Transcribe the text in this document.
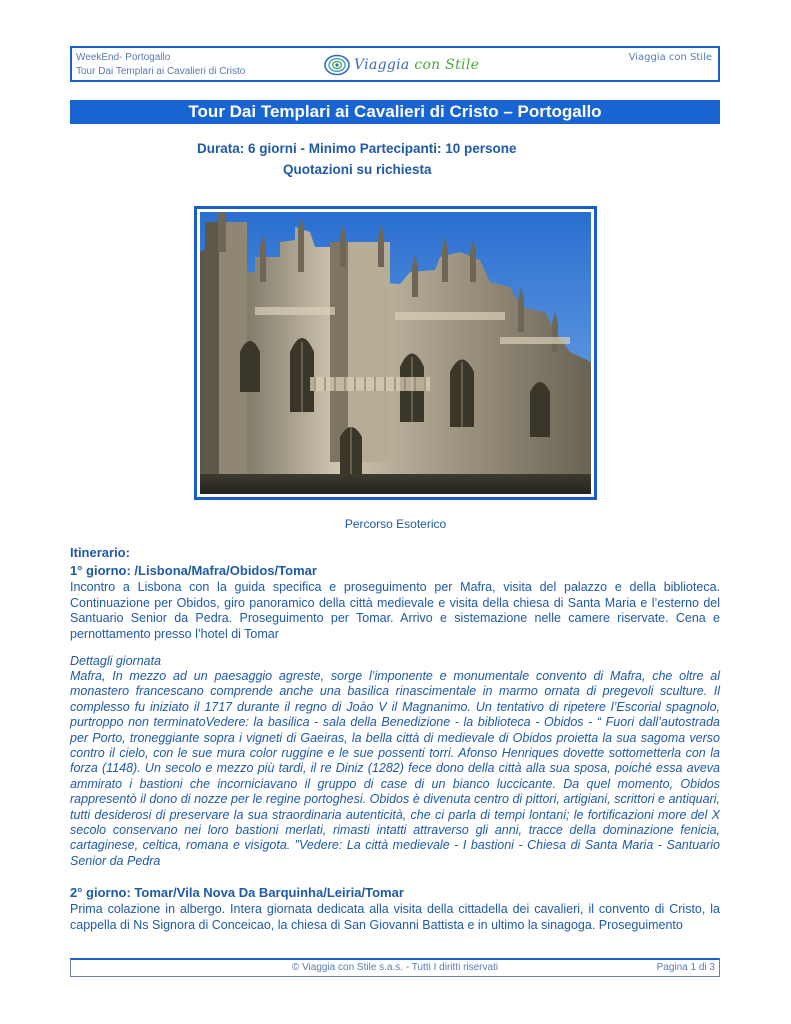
WeekEnd- Portogallo
Tour Dai Templari ai Cavalieri di Cristo	Viaggia con Stile	Viaggia con Stile
Tour Dai Templari ai Cavalieri di Cristo – Portogallo
Durata: 6 giorni - Minimo Partecipanti: 10 persone
Quotazioni su richiesta
Percorso Esoterico
Itinerario:
1° giorno: /Lisbona/Mafra/Obidos/Tomar
Incontro a Lisbona con la guida specifica e proseguimento per Mafra, visita del palazzo e della biblioteca. Continuazione per Obidos, giro panoramico della città medievale e visita della chiesa di Santa Maria e l’esterno del Santuario Senior da Pedra. Proseguimento per Tomar. Arrivo e sistemazione nelle camere riservate. Cena e pernottamento presso l’hotel di Tomar
Dettagli giornata
Mafra, In mezzo ad un paesaggio agreste, sorge l’imponente e monumentale convento di Mafra, che oltre al monastero francescano comprende anche una basilica rinascimentale in marmo ornata di pregevoli sculture. Il complesso fu iniziato il 1717 durante il regno di Joào V il Magnanimo. Un tentativo di ripetere l’Escorial spagnolo, purtroppo non terminatoVedere: la basilica - sala della Benedizione - la biblioteca - Obidos - “ Fuori dall’autostrada per Porto, troneggiante sopra i vigneti di Gaeiras, la bella città di medievale di Obidos proietta la sua sagoma verso contro il cielo, con le sue mura color ruggine e le sue possenti torri. Afonso Henriques dovette sottometterla con la forza (1148). Un secolo e mezzo più tardi, il re Diniz (1282) fece dono della città alla sua sposa, poiché essa aveva ammirato i bastioni che incorniciavano il gruppo di case di un bianco luccicante. Da quel momento, Obidos rappresentò il dono di nozze per le regine portoghesi. Obidos è divenuta centro di pittori, artigiani, scrittori e antiquari, tutti desiderosi di preservare la sua straordinaria autenticità, che ci parla di tempi lontani; le fortificazioni more del X secolo conservano nei loro bastioni merlati, rimasti intatti attraverso gli anni, tracce della dominazione fenicia, cartaginese, celtica, romana e visigota. ”Vedere: La città medievale - I bastioni - Chiesa di Santa Maria - Santuario Senior da Pedra
2° giorno: Tomar/Vila Nova Da Barquinha/Leiria/Tomar
Prima colazione in albergo. Intera giornata dedicata alla visita della cittadella dei cavalieri, il convento di Cristo, la cappella di Ns Signora di Conceicao, la chiesa di San Giovanni Battista e in ultimo la sinagoga. Proseguimento
© Viaggia con Stile s.a.s. - Tutti I diritti riservati	Pagina 1 di 3
